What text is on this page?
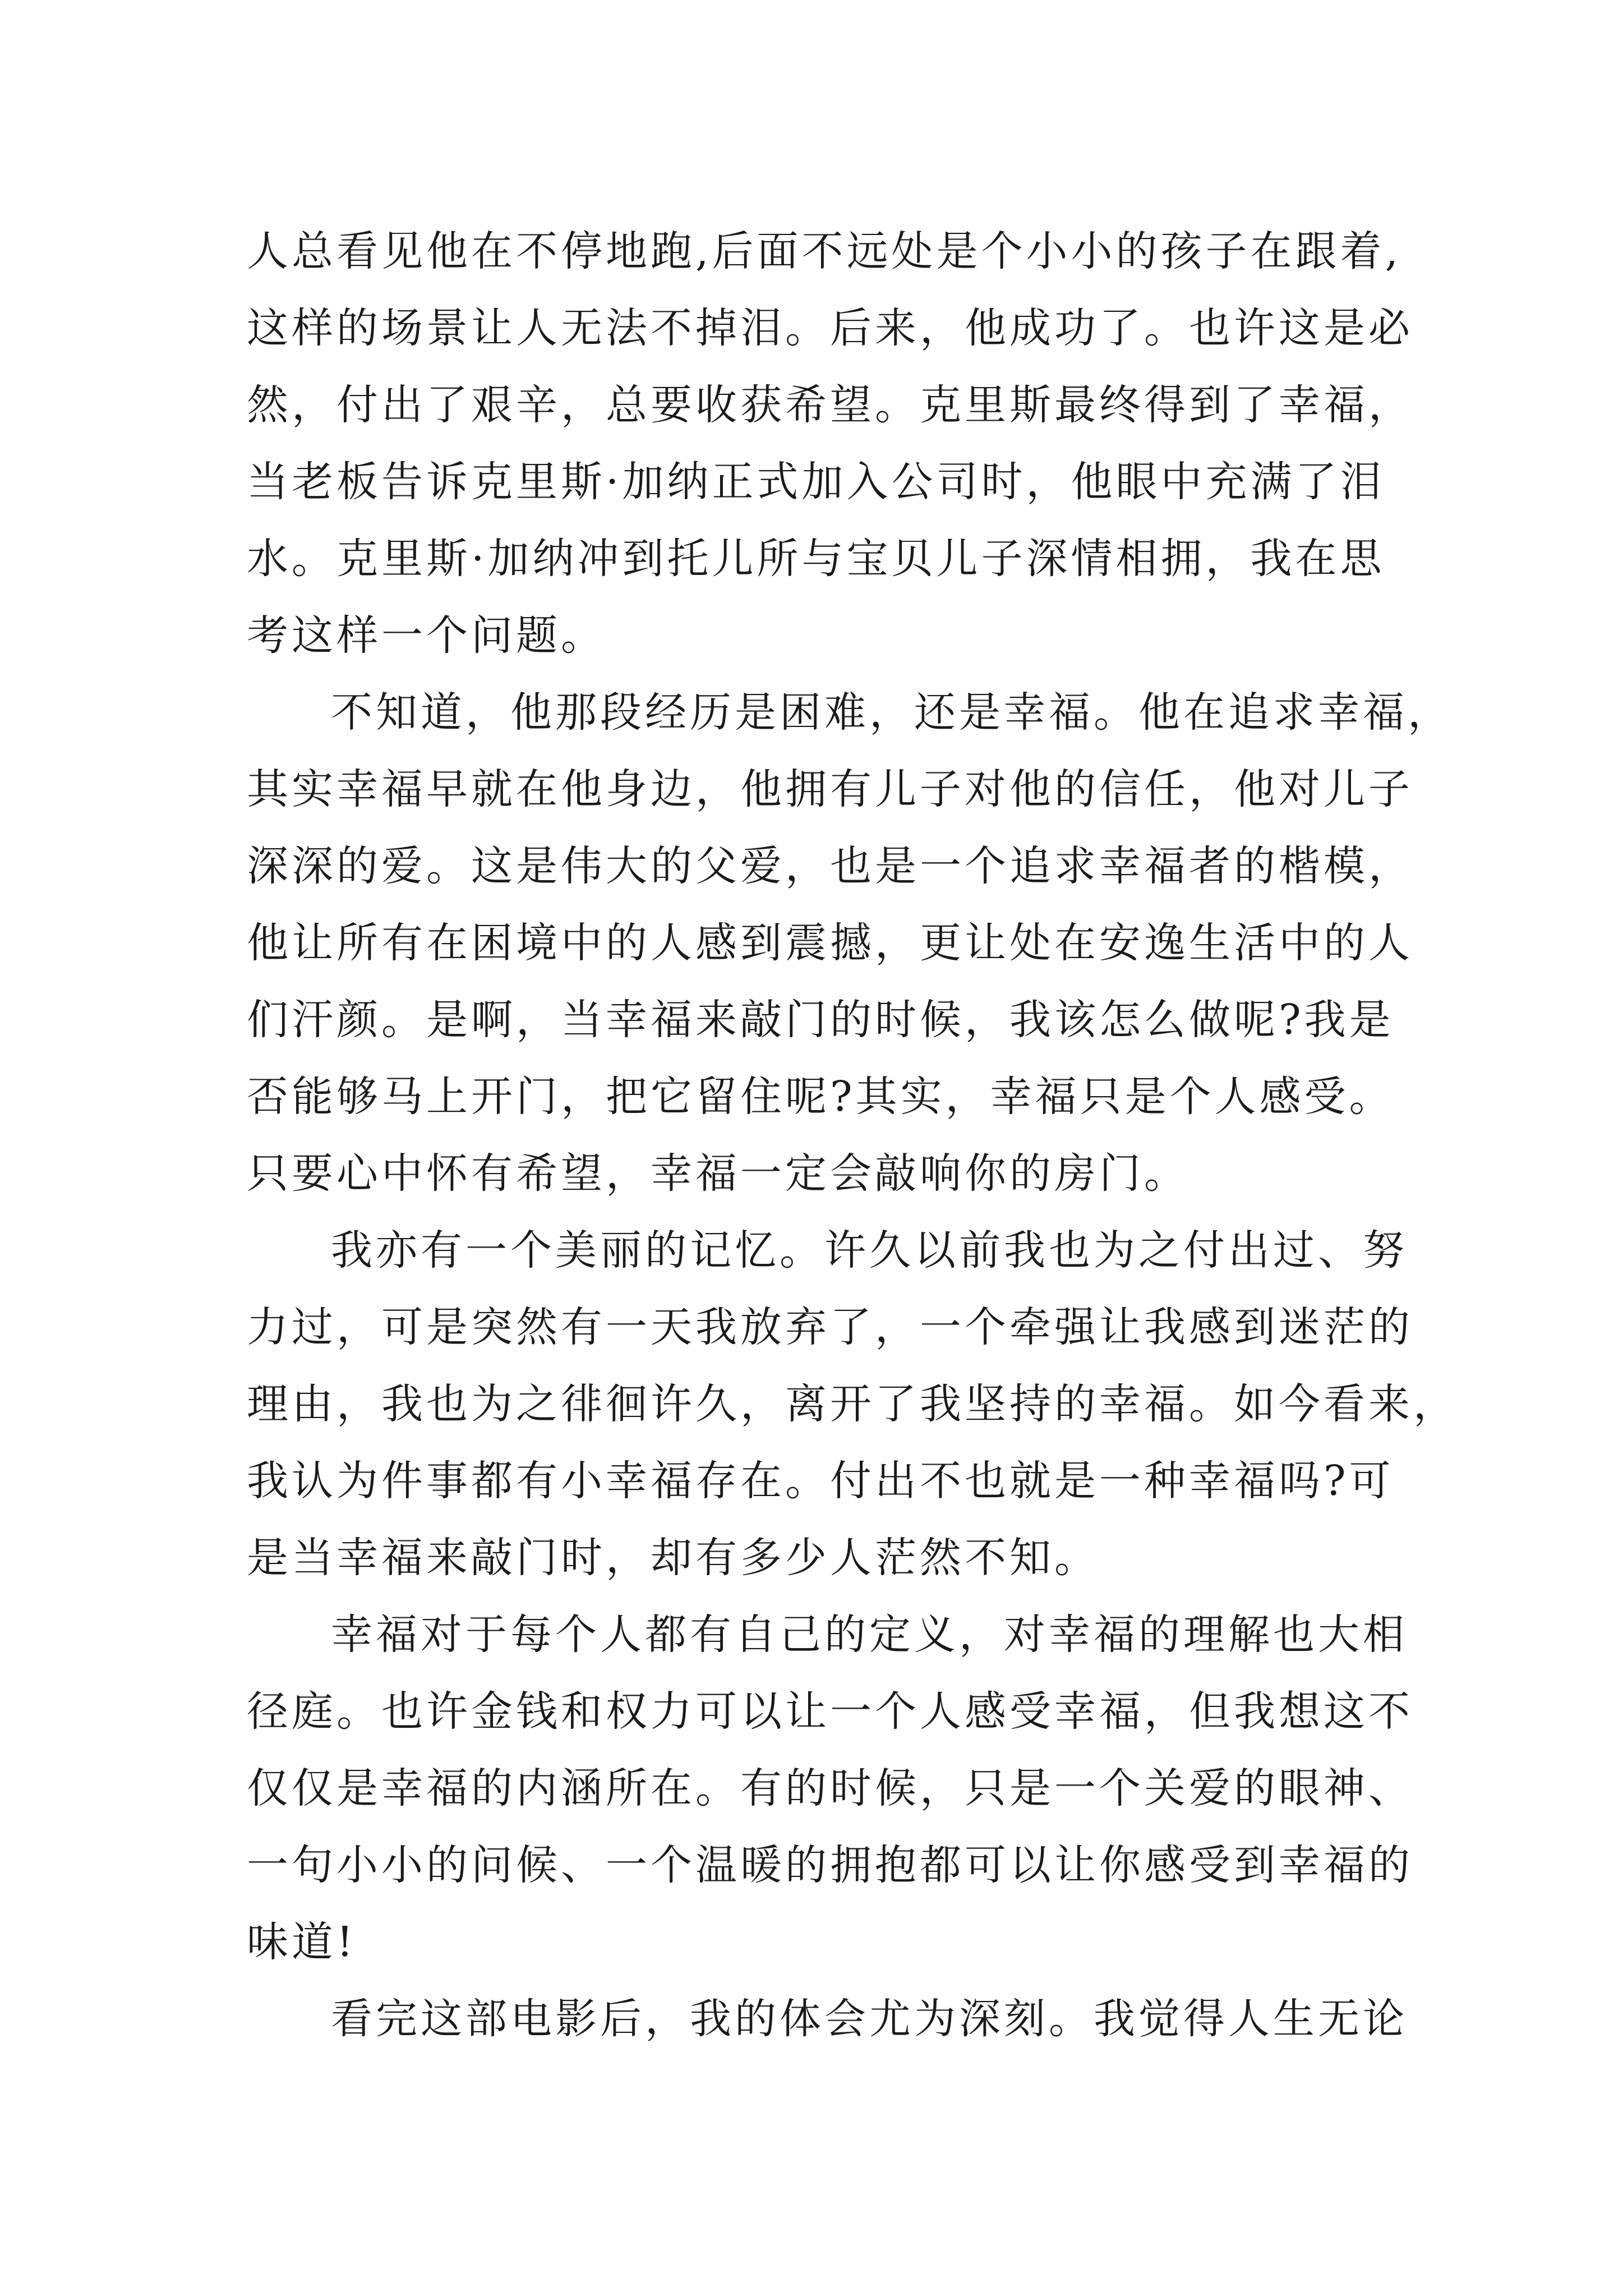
人总看见他在不停地跑,后面不远处是个小小的孩子在跟着,
这样的场景让人无法不掉泪。后来，他成功了。也许这是必
然，付出了艰辛，总要收获希望。克里斯最终得到了幸福，
当老板告诉克里斯·加纳正式加入公司时，他眼中充满了泪
水。克里斯·加纳冲到托儿所与宝贝儿子深情相拥，我在思
考这样一个问题。
不知道，他那段经历是困难，还是幸福。他在追求幸福，
其实幸福早就在他身边，他拥有儿子对他的信任，他对儿子
深深的爱。这是伟大的父爱，也是一个追求幸福者的楷模，
他让所有在困境中的人感到震撼，更让处在安逸生活中的人
们汗颜。是啊，当幸福来敲门的时候，我该怎么做呢?我是
否能够马上开门，把它留住呢?其实，幸福只是个人感受。
只要心中怀有希望，幸福一定会敲响你的房门。
我亦有一个美丽的记忆。许久以前我也为之付出过、努
力过，可是突然有一天我放弃了，一个牵强让我感到迷茫的
理由，我也为之徘徊许久，离开了我坚持的幸福。如今看来，
我认为件事都有小幸福存在。付出不也就是一种幸福吗?可
是当幸福来敲门时，却有多少人茫然不知。
幸福对于每个人都有自己的定义，对幸福的理解也大相
径庭。也许金钱和权力可以让一个人感受幸福，但我想这不
仅仅是幸福的内涵所在。有的时候，只是一个关爱的眼神、
一句小小的问候、一个温暖的拥抱都可以让你感受到幸福的
味道!
看完这部电影后，我的体会尤为深刻。我觉得人生无论
